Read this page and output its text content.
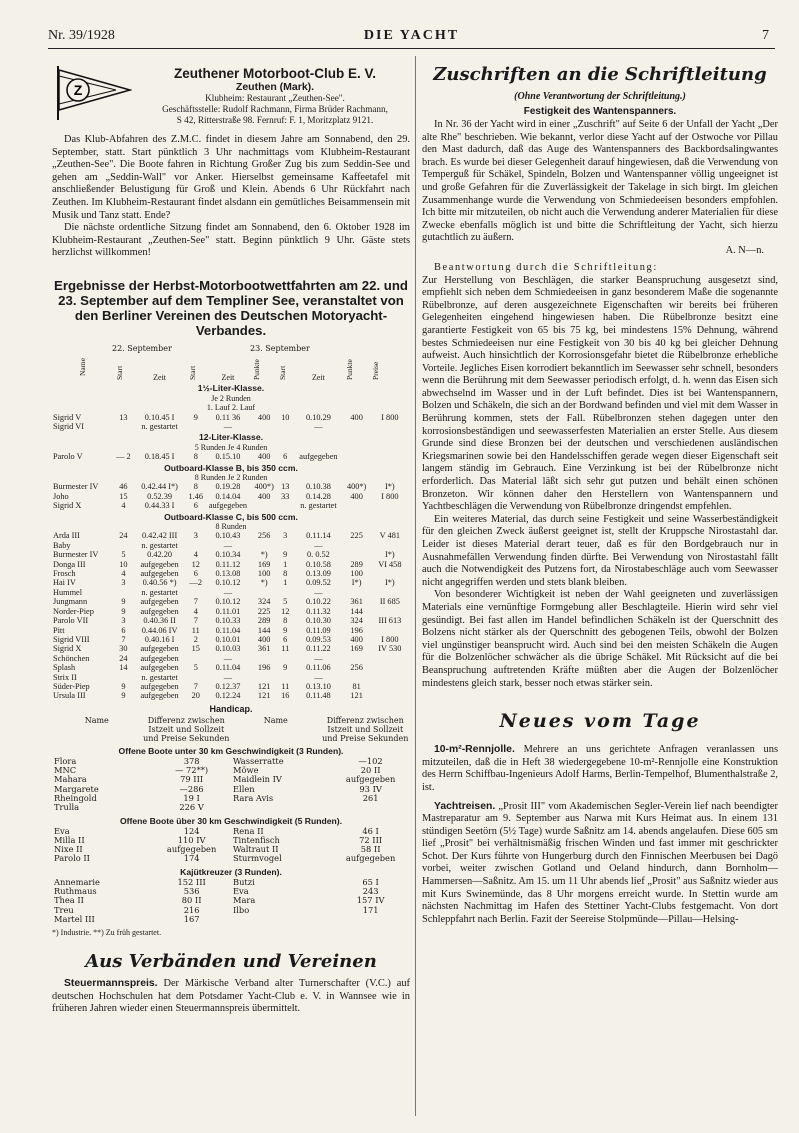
Nr. 39/1928	DIE YACHT	7
Z
Zeuthener Motorboot-Club E. V.
Zeuthen (Mark).
Klubheim: Restaurant „Zeuthen-See".
Geschäftsstelle: Rudolf Rachmann, Firma Brüder Rachmann,
S 42, Ritterstraße 98. Fernruf: F. 1, Moritzplatz 9121.

Das Klub-Abfahren des Z.M.C. findet in diesem Jahre am Sonnabend, den 29. September, statt. Start pünktlich 3 Uhr nachmittags vom Klubheim-Restaurant „Zeuthen-See". Die Boote fahren in Richtung Großer Zug bis zum Seddin-See und gehen am „Seddin-Wall" vor Anker. Hierselbst gemeinsame Kaffeetafel mit anschließender Belustigung für Groß und Klein. Abends 6 Uhr Rückfahrt nach Zeuthen. Im Klubheim-Restaurant findet alsdann ein gemütliches Beisammensein mit Musik und Tanz statt. Ende?

Die nächste ordentliche Sitzung findet am Sonnabend, den 6. Oktober 1928 im Klubheim-Restaurant „Zeuthen-See" statt. Beginn pünktlich 9 Uhr. Gäste stets herzlichst willkommen!

Ergebnisse der Herbst-Motorbootwettfahrten am 22. und 23. September auf dem Templiner See, veranstaltet von den Berliner Vereinen des Deutschen Motoryacht-Verbandes.
22. September	23. September
Name	Start	Zeit	Start	Zeit	Punkte	Start	Zeit	Punkte	Preise
1½-Liter-Klasse.									
Je 2 Runden									
1. Lauf 2. Lauf									
Sigrid V	13	0.10.45 I	9	0.11 36	400	10	0.10.29	400	I 800
Sigrid VI		n. gestartet		—			—		
12-Liter-Klasse.									
5 Runden Je 4 Runden									
Parolo V	— 2	0.18.45 I	8	0.15.10	400	6	aufgegeben		
Outboard-Klasse B, bis 350 ccm.									
8 Runden Je 2 Runden									
Burmester IV	46	0.42.44 I*)	8	0.19.28	400*)	13	0.10.38	400*)	I*)
Joho	15	0.52.39	1.46	0.14.04	400	33	0.14.28	400	I 800
Sigrid X	4	0.44.33 I	6	aufgegeben			n. gestartet		
Outboard-Klasse C, bis 500 ccm.									
8 Runden									
Arda III	24	0.42.42 III	3	0.10.43	256	3	0.11.14	225	V 481
Baby		n. gestartet		—			—		
Burmester IV	5	0.42.20	4	0.10.34	*)	9	0. 0.52		I*)
Donga III	10	aufgegeben	12	0.11.12	169	1	0.10.58	289	VI 458
Frosch	4	aufgegeben	6	0.13.08	100	8	0.13.09	100	
Hai IV	3	0.40.56 *)	—2	0.10.12	*)	1	0.09.52	I*)	I*)
Hummel		n. gestartet		—			—		
Jungmann	9	aufgegeben	7	0.10.12	324	5	0.10.22	361	II 685
Norder-Piep	9	aufgegeben	4	0.11.01	225	12	0.11.32	144	
Parolo VII	3	0.40.36 II	7	0.10.33	289	8	0.10.30	324	III 613
Pitt	6	0.44.06 IV	11	0.11.04	144	9	0.11.09	196	
Sigrid VIII	7	0.40.16 I	2	0.10.01	400	6	0.09.53	400	I 800
Sigrid X	30	aufgegeben	15	0.10.03	361	11	0.11.22	169	IV 530
Schönchen	24	aufgegeben		—			—		
Splash	14	aufgegeben	5	0.11.04	196	9	0.11.06	256	
Strix II		n. gestartet		—			—		
Süder-Piep	9	aufgegeben	7	0.12.37	121	11	0.13.10	81	
Ursula III	9	aufgegeben	20	0.12.24	121	16	0.11.48	121	
Handicap.
Name	Differenz zwischen Istzeit und Sollzeit und Preise Sekunden
Name	Differenz zwischen Istzeit und Sollzeit und Preise Sekunden
Offene Boote unter 30 km Geschwindigkeit (3 Runden).
Flora	378	Wasserratte	—102
MNC	— 72**)	Möwe	20 II
Mahara	79 III	Maidlein IV	aufgegeben
Margarete	—286	Ellen	93 IV
Rheingold	19 I	Rara Avis	261
Trulla	226 V		
Offene Boote über 30 km Geschwindigkeit (5 Runden).
Eva	124	Rena II	46 I
Milla II	110 IV	Tintenfisch	72 III
Nixe II	aufgegeben	Waltraut II	58 II
Parolo II	174	Sturmvogel	aufgegeben
Kajütkreuzer (3 Runden).
Annemarie	152 III	Butzi	65 I
Ruthmaus	536	Eva	243
Thea II	80 II	Mara	157 IV
Treu	216	Ilbo	171
Martel III	167		
*) Industrie. **) Zu früh gestartet.
Aus Verbänden und Vereinen

Steuermannspreis. Der Märkische Verband alter Turnerschafter (V.C.) auf deutschen Hochschulen hat dem Potsdamer Yacht-Club e. V. in Wannsee wie in früheren Jahren wieder einen Steuermannspreis übermittelt.

Zuschriften an die Schriftleitung
(Ohne Verantwortung der Schriftleitung.)
Festigkeit des Wantenspanners.

In Nr. 36 der Yacht wird in einer „Zuschrift" auf Seite 6 der Unfall der Yacht „Der alte Rhe" beschrieben. Wie bekannt, verlor diese Yacht auf der Ostwoche vor Pillau den Mast dadurch, daß das Auge des Wantenspanners des Backbordsalingwantes brach. Es wurde bei dieser Gelegenheit darauf hingewiesen, daß die Verwendung von Temperguß für Schäkel, Spindeln, Bolzen und Wantenspanner völlig ungeeignet ist und große Gefahren für die Zuverlässigkeit der Takelage in sich birgt. Im gleichen Zusammenhange wurde die Verwendung von Schmiedeeisen besonders empfohlen. Ich bitte mir mitzuteilen, ob nicht auch die Verwendung anderer Materialien für diese Zwecke ebenfalls möglich ist und bitte die Schriftleitung der Yacht, sich hierzu gutachtlich zu äußern.

A. N—n.

Beantwortung durch die Schriftleitung:

Zur Herstellung von Beschlägen, die starker Beanspruchung ausgesetzt sind, empfiehlt sich neben dem Schmiedeeisen in ganz besonderem Maße die sogenannte Rübelbronze, auf deren ausgezeichnete Eigenschaften wir bereits bei früheren Gelegenheiten eingehend hingewiesen haben. Die Rübelbronze besitzt eine garantierte Festigkeit von 65 bis 75 kg, bei mindestens 15% Dehnung, während bestes Schmiedeeisen nur eine Festigkeit von 30 bis 40 kg bei gleicher Dehnung aufweist. Auch hinsichtlich der Korrosionsgefahr bietet die Rübelbronze erhebliche Vorteile. Jegliches Eisen korrodiert bekanntlich im Seewasser sehr schnell, besonders wenn die Berührung mit dem Seewasser periodisch erfolgt, d. h. wenn das Eisen sich abwechselnd im Wasser und in der Luft befindet. Dies ist bei Wantenspannern, Bolzen und Schäkeln, die sich an der Bordwand befinden und viel mit dem Wasser in Berührung kommen, stets der Fall. Rübelbronzen stehen dagegen unter den korrosionsbeständigen und seewasserfesten Materialien an erster Stelle. Aus diesem Grunde sind diese Bronzen bei der deutschen und verschiedenen ausländischen Kriegsmarinen sowie bei den Handelsschiffen gerade wegen dieser Eigenschaft seit langem ständig im Gebrauch. Eine Verzinkung ist bei der Rübelbronze nicht erforderlich. Das Material läßt sich sehr gut putzen und behält einen schönen Bronzeton. Wir können daher den Herstellern von Wantenspannern und Yachtbeschlägen die Verwendung von Rübelbronze dringendst empfehlen.

Ein weiteres Material, das durch seine Festigkeit und seine Wasserbeständigkeit für den gleichen Zweck äußerst geeignet ist, stellt der Kruppsche Nirostastahl dar. Leider ist dieses Material derart teuer, daß es für den Bordgebrauch nur in Ausnahmefällen Verwendung finden dürfte. Bei Verwendung von Nirostastahl fällt auch die Notwendigkeit des Putzens fort, da Nirostabeschläge auch vom Seewasser nicht angegriffen werden und stets blank bleiben.

Von besonderer Wichtigkeit ist neben der Wahl geeigneten und zuverlässigen Materials eine vernünftige Formgebung aller Beschlagteile. Hierin wird sehr viel gesündigt. Bei fast allen im Handel befindlichen Schäkeln ist der Querschnitt des Bolzens nicht stärker als der Querschnitt des gebogenen Teils, obwohl der Bolzen viel ungünstiger beansprucht wird. Auch sind bei den meisten Schäkeln die Augen für die Bolzenlöcher schwächer als die übrige Schäkel. Mit Rücksicht auf die bei Beanspruchung auftretenden Kräfte müßten aber die Augen der Bolzenlöcher mindestens gleich stark, besser noch etwas stärker sein.

Neues vom Tage

10-m²-Rennjolle. Mehrere an uns gerichtete Anfragen veranlassen uns mitzuteilen, daß die in Heft 38 wiedergegebene 10-m²-Rennjolle eine Konstruktion des Herrn Schiffbau-Ingenieurs Adolf Harms, Berlin-Tempelhof, Blumenthalstraße 2, ist.

Yachtreisen. „Prosit III" vom Akademischen Segler-Verein lief nach beendigter Mastreparatur am 9. September aus Narwa mit Kurs Heimat aus. In einem 131 stündigen Seetörn (5½ Tage) wurde Saßnitz am 14. abends angelaufen. Diese 605 sm lief „Prosit" bei verhältnismäßig frischen Winden und fast immer mit geschrickter Schot. Der Kurs führte von Hungerburg durch den Finnischen Meerbusen bei Dagö vorbei, weiter zwischen Gotland und Oeland hindurch, dann Bornholm—Hammersen—Saßnitz. Am 15. um 11 Uhr abends lief „Prosit" aus Saßnitz wieder aus mit Kurs Swinemünde, das 8 Uhr morgens erreicht wurde. In Stettin wurde am nächsten Nachmittag im Hafen des Stettiner Yacht-Clubs festgemacht. Von dort Schleppfahrt nach Berlin. Fazit der Seereise Stolpmünde—Pillau—Helsing-
